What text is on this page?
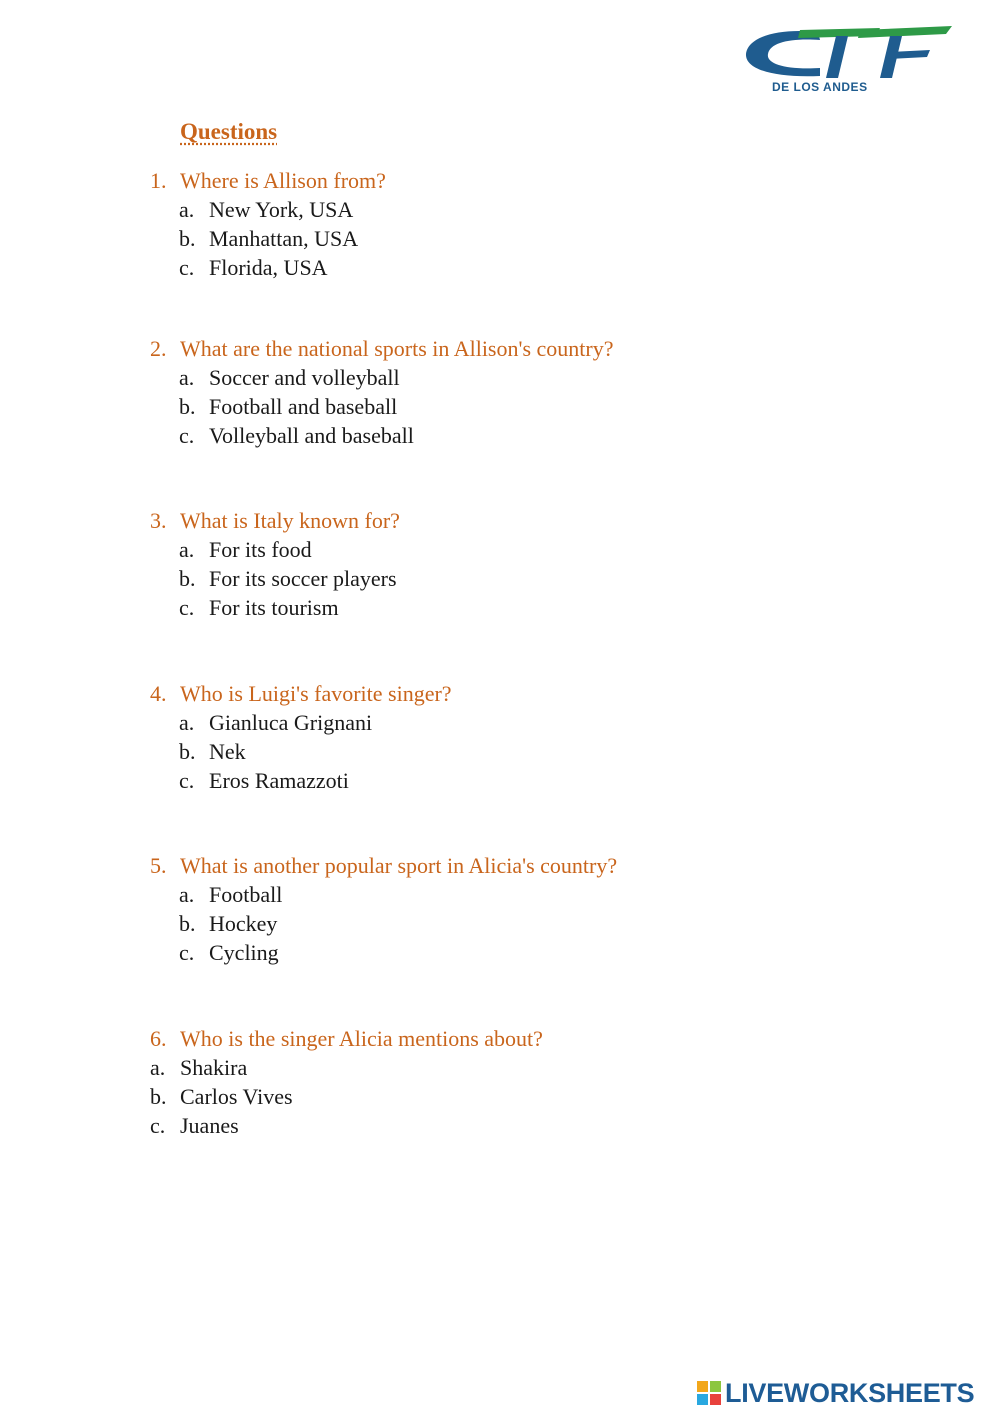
DE LOS ANDES
Questions
1. Where is Allison from?
a. New York, USA
b. Manhattan, USA
c. Florida, USA
2. What are the national sports in Allison's country?
a. Soccer and volleyball
b. Football and baseball
c. Volleyball and baseball
3. What is Italy known for?
a. For its food
b. For its soccer players
c. For its tourism
4. Who is Luigi's favorite singer?
a. Gianluca Grignani
b. Nek
c. Eros Ramazzoti
5. What is another popular sport in Alicia's country?
a. Football
b. Hockey
c. Cycling
6. Who is the singer Alicia mentions about?
a. Shakira
b. Carlos Vives
c. Juanes
LIVEWORKSHEETS
